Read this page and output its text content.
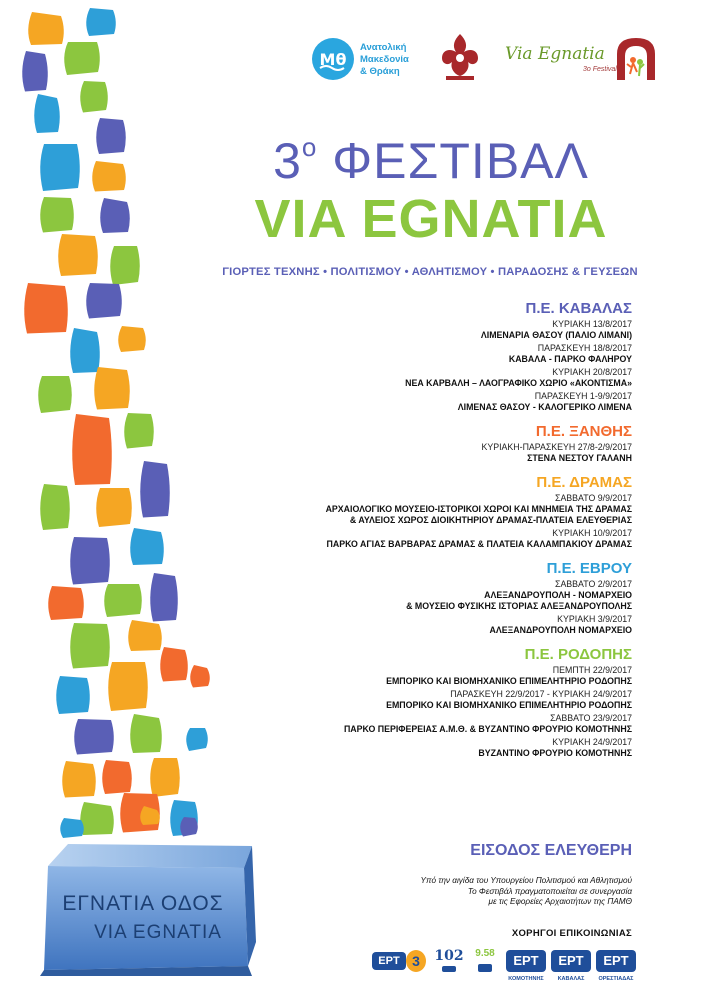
Mθ
Ανατολική
Μακεδονία
& Θράκη
Via Egnatia
3ο Festival
$3^o$ ΦΕΣΤΙΒΑΛ
VIA EGNATIA
ΓΙΟΡΤΕΣ ΤΕΧΝΗΣ • ΠΟΛΙΤΙΣΜΟΥ • ΑΘΛΗΤΙΣΜΟΥ • ΠΑΡΑΔΟΣΗΣ & ΓΕΥΣΕΩΝ
Π.Ε. ΚΑΒΑΛΑΣ
ΚΥΡΙΑΚΗ 13/8/2017
ΛΙΜΕΝΑΡΙΑ ΘΑΣΟΥ (ΠΑΛΙΟ ΛΙΜΑΝΙ)
ΠΑΡΑΣΚΕΥΗ 18/8/2017
ΚΑΒΑΛΑ - ΠΑΡΚΟ ΦΑΛΗΡΟΥ
ΚΥΡΙΑΚΗ 20/8/2017
ΝΕΑ ΚΑΡΒΑΛΗ – ΛΑΟΓΡΑΦΙΚΟ ΧΩΡΙΟ «ΑΚΟΝΤΙΣΜΑ»
ΠΑΡΑΣΚΕΥΗ 1-9/9/2017
ΛΙΜΕΝΑΣ ΘΑΣΟΥ - ΚΑΛΟΓΕΡΙΚΟ ΛΙΜΕΝΑ
Π.Ε. ΞΑΝΘΗΣ
ΚΥΡΙΑΚΗ-ΠΑΡΑΣΚΕΥΗ 27/8-2/9/2017
ΣΤΕΝΑ ΝΕΣΤΟΥ ΓΑΛΑΝΗ
Π.Ε. ΔΡΑΜΑΣ
ΣΑΒΒΑΤΟ 9/9/2017
ΑΡΧΑΙΟΛΟΓΙΚΟ ΜΟΥΣΕΙΟ-ΙΣΤΟΡΙΚΟΙ ΧΩΡΟΙ ΚΑΙ ΜΝΗΜΕΙΑ ΤΗΣ ΔΡΑΜΑΣ
& ΑΥΛΕΙΟΣ ΧΩΡΟΣ ΔΙΟΙΚΗΤΗΡΙΟΥ ΔΡΑΜΑΣ-ΠΛΑΤΕΙΑ ΕΛΕΥΘΕΡΙΑΣ
ΚΥΡΙΑΚΗ 10/9/2017
ΠΑΡΚΟ ΑΓΙΑΣ ΒΑΡΒΑΡΑΣ ΔΡΑΜΑΣ & ΠΛΑΤΕΙΑ ΚΑΛΑΜΠΑΚΙΟΥ ΔΡΑΜΑΣ
Π.Ε. ΕΒΡΟΥ
ΣΑΒΒΑΤΟ 2/9/2017
ΑΛΕΞΑΝΔΡΟΥΠΟΛΗ - ΝΟΜΑΡΧΕΙΟ
& ΜΟΥΣΕΙΟ ΦΥΣΙΚΗΣ ΙΣΤΟΡΙΑΣ ΑΛΕΞΑΝΔΡΟΥΠΟΛΗΣ
ΚΥΡΙΑΚΗ 3/9/2017
ΑΛΕΞΑΝΔΡΟΥΠΟΛΗ ΝΟΜΑΡΧΕΙΟ
Π.Ε. ΡΟΔΟΠΗΣ
ΠΕΜΠΤΗ 22/9/2017
ΕΜΠΟΡΙΚΟ ΚΑΙ ΒΙΟΜΗΧΑΝΙΚΟ ΕΠΙΜΕΛΗΤΗΡΙΟ ΡΟΔΟΠΗΣ
ΠΑΡΑΣΚΕΥΗ 22/9/2017 - ΚΥΡΙΑΚΗ 24/9/2017
ΕΜΠΟΡΙΚΟ ΚΑΙ ΒΙΟΜΗΧΑΝΙΚΟ ΕΠΙΜΕΛΗΤΗΡΙΟ ΡΟΔΟΠΗΣ
ΣΑΒΒΑΤΟ 23/9/2017
ΠΑΡΚΟ ΠΕΡΙΦΕΡΕΙΑΣ Α.Μ.Θ. & ΒΥΖΑΝΤΙΝΟ ΦΡΟΥΡΙΟ ΚΟΜΟΤΗΝΗΣ
ΚΥΡΙΑΚΗ 24/9/2017
ΒΥΖΑΝΤΙΝΟ ΦΡΟΥΡΙΟ ΚΟΜΟΤΗΝΗΣ
ΕΙΣΟΔΟΣ ΕΛΕΥΘΕΡΗ
Υπό την αιγίδα του Υπουργείου Πολιτισμού και Αθλητισμού
Το Φεστιβάλ πραγματοποιείται σε συνεργασία
με τις Εφορείες Αρχαιοτήτων της ΠΑΜΘ
ΧΟΡΗΓΟΙ ΕΠΙΚΟΙΝΩΝΙΑΣ
ΕΡΤ 3	102	9.58	ΕΡΤ
ΚΟΜΟΤΗΝΗΣ
ΕΡΤ
ΚΑΒΑΛΑΣ
ΕΡΤ
ΟΡΕΣΤΙΑΔΑΣ
ΕΓΝΑΤΙΑ ΟΔΟΣ
VIA EGNATIA
